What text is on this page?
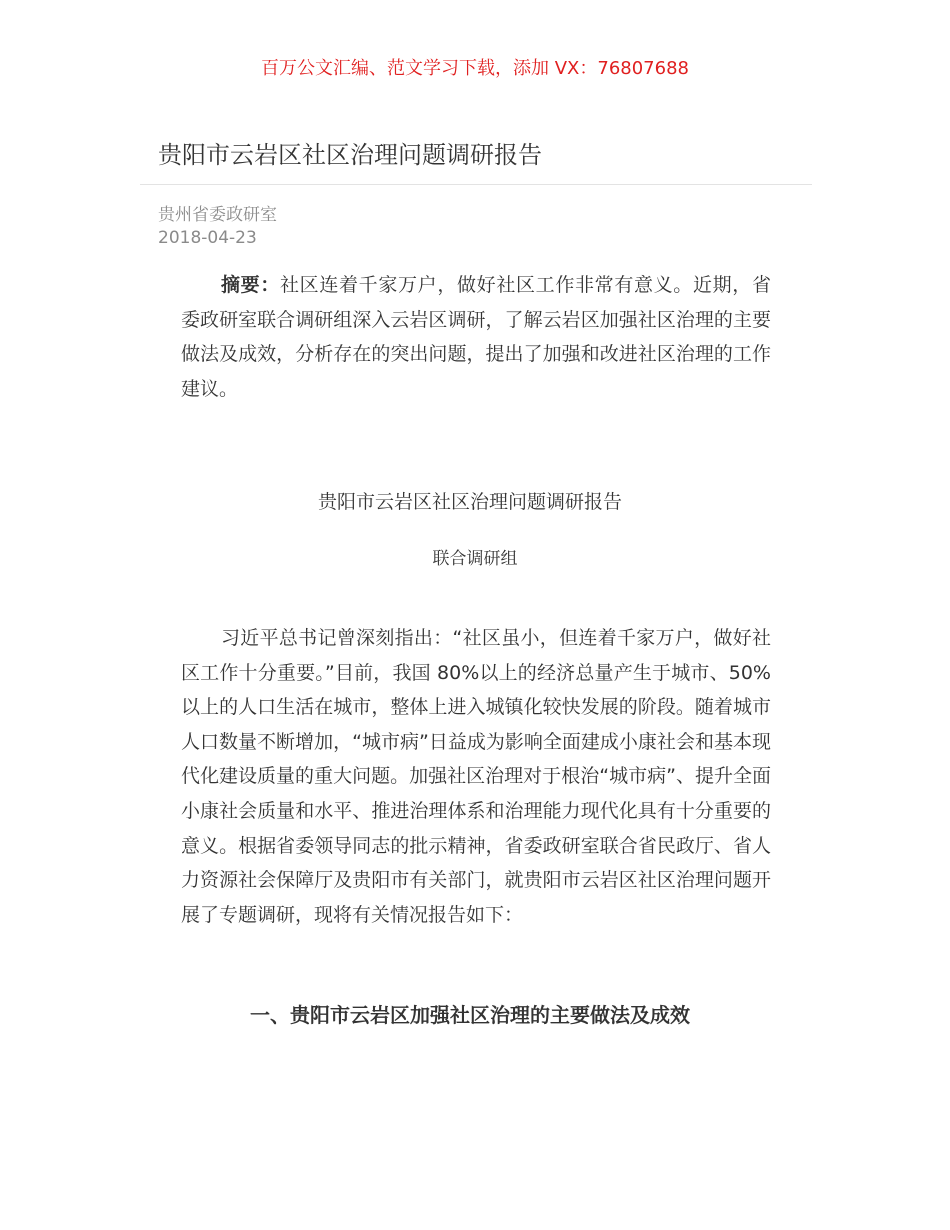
百万公文汇编、范文学习下载，添加 VX：76807688
贵阳市云岩区社区治理问题调研报告
贵州省委政研室
2018-04-23

摘要：社区连着千家万户，做好社区工作非常有意义。近期，省委政研室联合调研组深入云岩区调研，了解云岩区加强社区治理的主要做法及成效，分析存在的突出问题，提出了加强和改进社区治理的工作建议。

贵阳市云岩区社区治理问题调研报告
联合调研组

习近平总书记曾深刻指出：“社区虽小，但连着千家万户，做好社区工作十分重要。”目前，我国 80%以上的经济总量产生于城市、50%以上的人口生活在城市，整体上进入城镇化较快发展的阶段。随着城市人口数量不断增加，“城市病”日益成为影响全面建成小康社会和基本现代化建设质量的重大问题。加强社区治理对于根治“城市病”、提升全面小康社会质量和水平、推进治理体系和治理能力现代化具有十分重要的意义。根据省委领导同志的批示精神，省委政研室联合省民政厅、省人力资源社会保障厅及贵阳市有关部门，就贵阳市云岩区社区治理问题开展了专题调研，现将有关情况报告如下：

一、贵阳市云岩区加强社区治理的主要做法及成效
